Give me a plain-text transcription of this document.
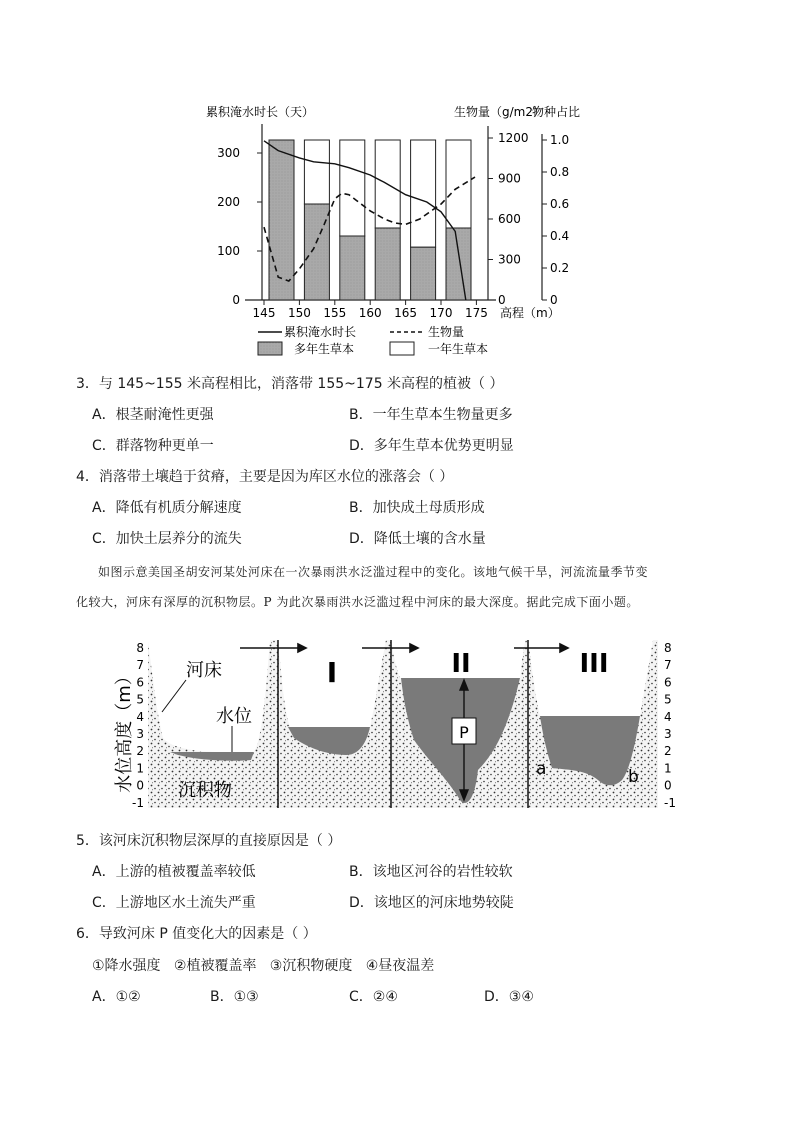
累积淹水时长（天）	生物量（g/m2）
物种占比
0
100
200
300
0
300
600
900
1200
0
0.2
0.4
0.6
0.8
1.0
145 150 155 160 165 170 175 高程（m）
累积淹水时长	生物量
多年生草本	一年生草本
3．与 145~155 米高程相比，消落带 155~175 米高程的植被（ ）
A．根茎耐淹性更强	B．一年生草本生物量更多
C．群落物种更单一	D．多年生草本优势更明显
4．消落带土壤趋于贫瘠，主要是因为库区水位的涨落会（ ）
A．降低有机质分解速度	B．加快成土母质形成
C．加快土层养分的流失	D．降低土壤的含水量
如图示意美国圣胡安河某处河床在一次暴雨洪水泛滥过程中的变化。该地气候干旱，河流流量季节变
化较大，河床有深厚的沉积物层。P 为此次暴雨洪水泛滥过程中河床的最大深度。据此完成下面小题。
P
I	II	III
水位高度（m）	河床
水位
沉积物
a	b
8
7
6
5
4
3
2
1
0
-1
8
7
6
5
4
3
2
1
0
-1
5．该河床沉积物层深厚的直接原因是（ ）
A．上游的植被覆盖率较低	B．该地区河谷的岩性较软
C．上游地区水土流失严重	D．该地区的河床地势较陡
6．导致河床 P 值变化大的因素是（ ）
①降水强度   ②植被覆盖率   ③沉积物硬度   ④昼夜温差
A．①②	B．①③	C．②④	D．③④
